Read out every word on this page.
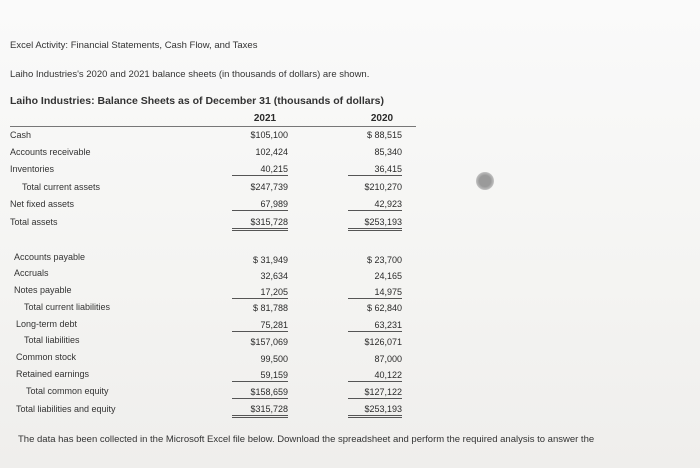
Excel Activity: Financial Statements, Cash Flow, and Taxes
Laiho Industries's 2020 and 2021 balance sheets (in thousands of dollars) are shown.
Laiho Industries: Balance Sheets as of December 31 (thousands of dollars)
2021	2020
Cash	$105,100	$ 88,515
Accounts receivable	102,424	85,340
Inventories	40,215	36,415
Total current assets	$247,739	$210,270
Net fixed assets	67,989	42,923
Total assets	$315,728	$253,193
Accounts payable	$ 31,949	$ 23,700
Accruals	32,634	24,165
Notes payable	17,205	14,975
Total current liabilities	$ 81,788	$ 62,840
Long-term debt	75,281	63,231
Total liabilities	$157,069	$126,071
Common stock	99,500	87,000
Retained earnings	59,159	40,122
Total common equity	$158,659	$127,122
Total liabilities and equity	$315,728	$253,193
The data has been collected in the Microsoft Excel file below. Download the spreadsheet and perform the required analysis to answer the
